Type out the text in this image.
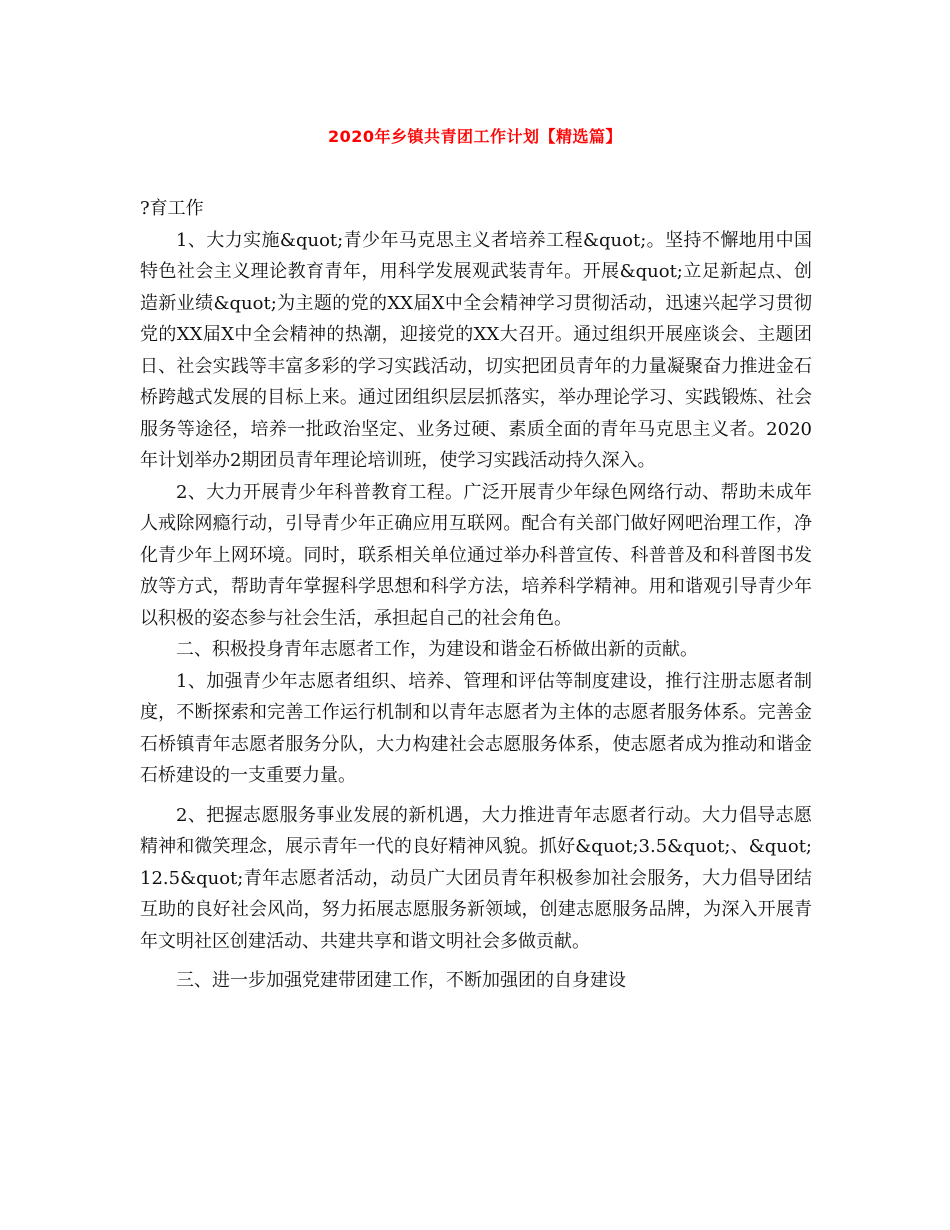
2020年乡镇共青团工作计划【精选篇】

?育工作

1、大力实施&quot;青少年马克思主义者培养工程&quot;。坚持不懈地用中国特色社会主义理论教育青年，用科学发展观武装青年。开展&quot;立足新起点、创造新业绩&quot;为主题的党的XX届X中全会精神学习贯彻活动，迅速兴起学习贯彻党的XX届X中全会精神的热潮，迎接党的XX大召开。通过组织开展座谈会、主题团日、社会实践等丰富多彩的学习实践活动，切实把团员青年的力量凝聚奋力推进金石桥跨越式发展的目标上来。通过团组织层层抓落实，举办理论学习、实践锻炼、社会服务等途径，培养一批政治坚定、业务过硬、素质全面的青年马克思主义者。2020年计划举办2期团员青年理论培训班，使学习实践活动持久深入。

2、大力开展青少年科普教育工程。广泛开展青少年绿色网络行动、帮助未成年人戒除网瘾行动，引导青少年正确应用互联网。配合有关部门做好网吧治理工作，净化青少年上网环境。同时，联系相关单位通过举办科普宣传、科普普及和科普图书发放等方式，帮助青年掌握科学思想和科学方法，培养科学精神。用和谐观引导青少年以积极的姿态参与社会生活，承担起自己的社会角色。

二、积极投身青年志愿者工作，为建设和谐金石桥做出新的贡献。

1、加强青少年志愿者组织、培养、管理和评估等制度建设，推行注册志愿者制度，不断探索和完善工作运行机制和以青年志愿者为主体的志愿者服务体系。完善金石桥镇青年志愿者服务分队，大力构建社会志愿服务体系，使志愿者成为推动和谐金石桥建设的一支重要力量。

2、把握志愿服务事业发展的新机遇，大力推进青年志愿者行动。大力倡导志愿精神和微笑理念，展示青年一代的良好精神风貌。抓好&quot;3.5&quot;、&quot;12.5&quot;青年志愿者活动，动员广大团员青年积极参加社会服务，大力倡导团结互助的良好社会风尚，努力拓展志愿服务新领域，创建志愿服务品牌，为深入开展青年文明社区创建活动、共建共享和谐文明社会多做贡献。

三、进一步加强党建带团建工作，不断加强团的自身建设
